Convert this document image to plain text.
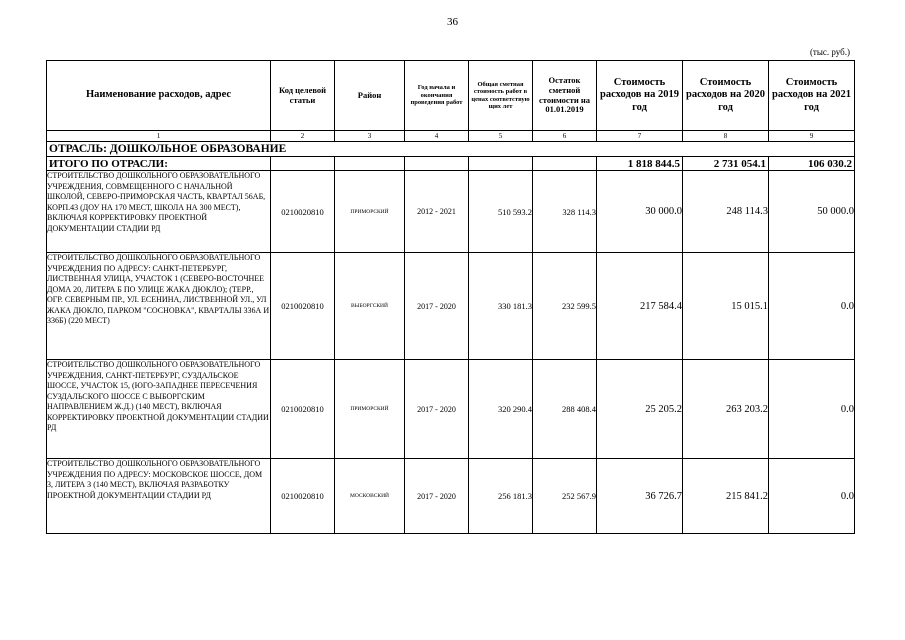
36
(тыс. руб.)
Наименование расходов, адрес	Код целевой статьи	Район	Год начала и окончания проведения работ	Общая сметная стоимость работ в ценах соответствую щих лет	Остаток сметной стоимости на 01.01.2019	Стоимость расходов на 2019 год	Стоимость расходов на 2020 год	Стоимость расходов на 2021 год
1	2	3	4	5	6	7	8	9
ОТРАСЛЬ: ДОШКОЛЬНОЕ ОБРАЗОВАНИЕ								
ИТОГО ПО ОТРАСЛИ:						1 818 844.5	2 731 054.1	106 030.2
СТРОИТЕЛЬСТВО ДОШКОЛЬНОГО ОБРАЗОВАТЕЛЬНОГО УЧРЕЖДЕНИЯ, СОВМЕЩЕННОГО С НАЧАЛЬНОЙ ШКОЛОЙ, СЕВЕРО-ПРИМОРСКАЯ ЧАСТЬ, КВАРТАЛ 56АБ, КОРП.43 (ДОУ НА 170 МЕСТ, ШКОЛА НА 300 МЕСТ), ВКЛЮЧАЯ КОРРЕКТИРОВКУ ПРОЕКТНОЙ ДОКУМЕНТАЦИИ СТАДИИ РД	0210020810	ПРИМОРСКИЙ	2012 - 2021	510 593.2	328 114.3	30 000.0	248 114.3	50 000.0
СТРОИТЕЛЬСТВО ДОШКОЛЬНОГО ОБРАЗОВАТЕЛЬНОГО УЧРЕЖДЕНИЯ ПО АДРЕСУ: САНКТ-ПЕТЕРБУРГ, ЛИСТВЕННАЯ УЛИЦА, УЧАСТОК 1 (СЕВЕРО-ВОСТОЧНЕЕ ДОМА 20, ЛИТЕРА Б ПО УЛИЦЕ ЖАКА ДЮКЛО); (ТЕРР., ОГР. СЕВЕРНЫМ ПР., УЛ. ЕСЕНИНА, ЛИСТВЕННОЙ УЛ., УЛ ЖАКА ДЮКЛО, ПАРКОМ "СОСНОВКА", КВАРТАЛЫ 336А И 336Б) (220 МЕСТ)	0210020810	ВЫБОРГСКИЙ	2017 - 2020	330 181.3	232 599.5	217 584.4	15 015.1	0.0
СТРОИТЕЛЬСТВО ДОШКОЛЬНОГО ОБРАЗОВАТЕЛЬНОГО УЧРЕЖДЕНИЯ, САНКТ-ПЕТЕРБУРГ, СУЗДАЛЬСКОЕ ШОССЕ, УЧАСТОК 15, (ЮГО-ЗАПАДНЕЕ ПЕРЕСЕЧЕНИЯ СУЗДАЛЬСКОГО ШОССЕ С ВЫБОРГСКИМ НАПРАВЛЕНИЕМ Ж.Д.) (140 МЕСТ), ВКЛЮЧАЯ КОРРЕКТИРОВКУ ПРОЕКТНОЙ ДОКУМЕНТАЦИИ СТАДИИ РД	0210020810	ПРИМОРСКИЙ	2017 - 2020	320 290.4	288 408.4	25 205.2	263 203.2	0.0
СТРОИТЕЛЬСТВО ДОШКОЛЬНОГО ОБРАЗОВАТЕЛЬНОГО УЧРЕЖДЕНИЯ ПО АДРЕСУ: МОСКОВСКОЕ ШОССЕ, ДОМ 3, ЛИТЕРА З (140 МЕСТ), ВКЛЮЧАЯ РАЗРАБОТКУ ПРОЕКТНОЙ ДОКУМЕНТАЦИИ СТАДИИ РД	0210020810	МОСКОВСКИЙ	2017 - 2020	256 181.3	252 567.9	36 726.7	215 841.2	0.0
